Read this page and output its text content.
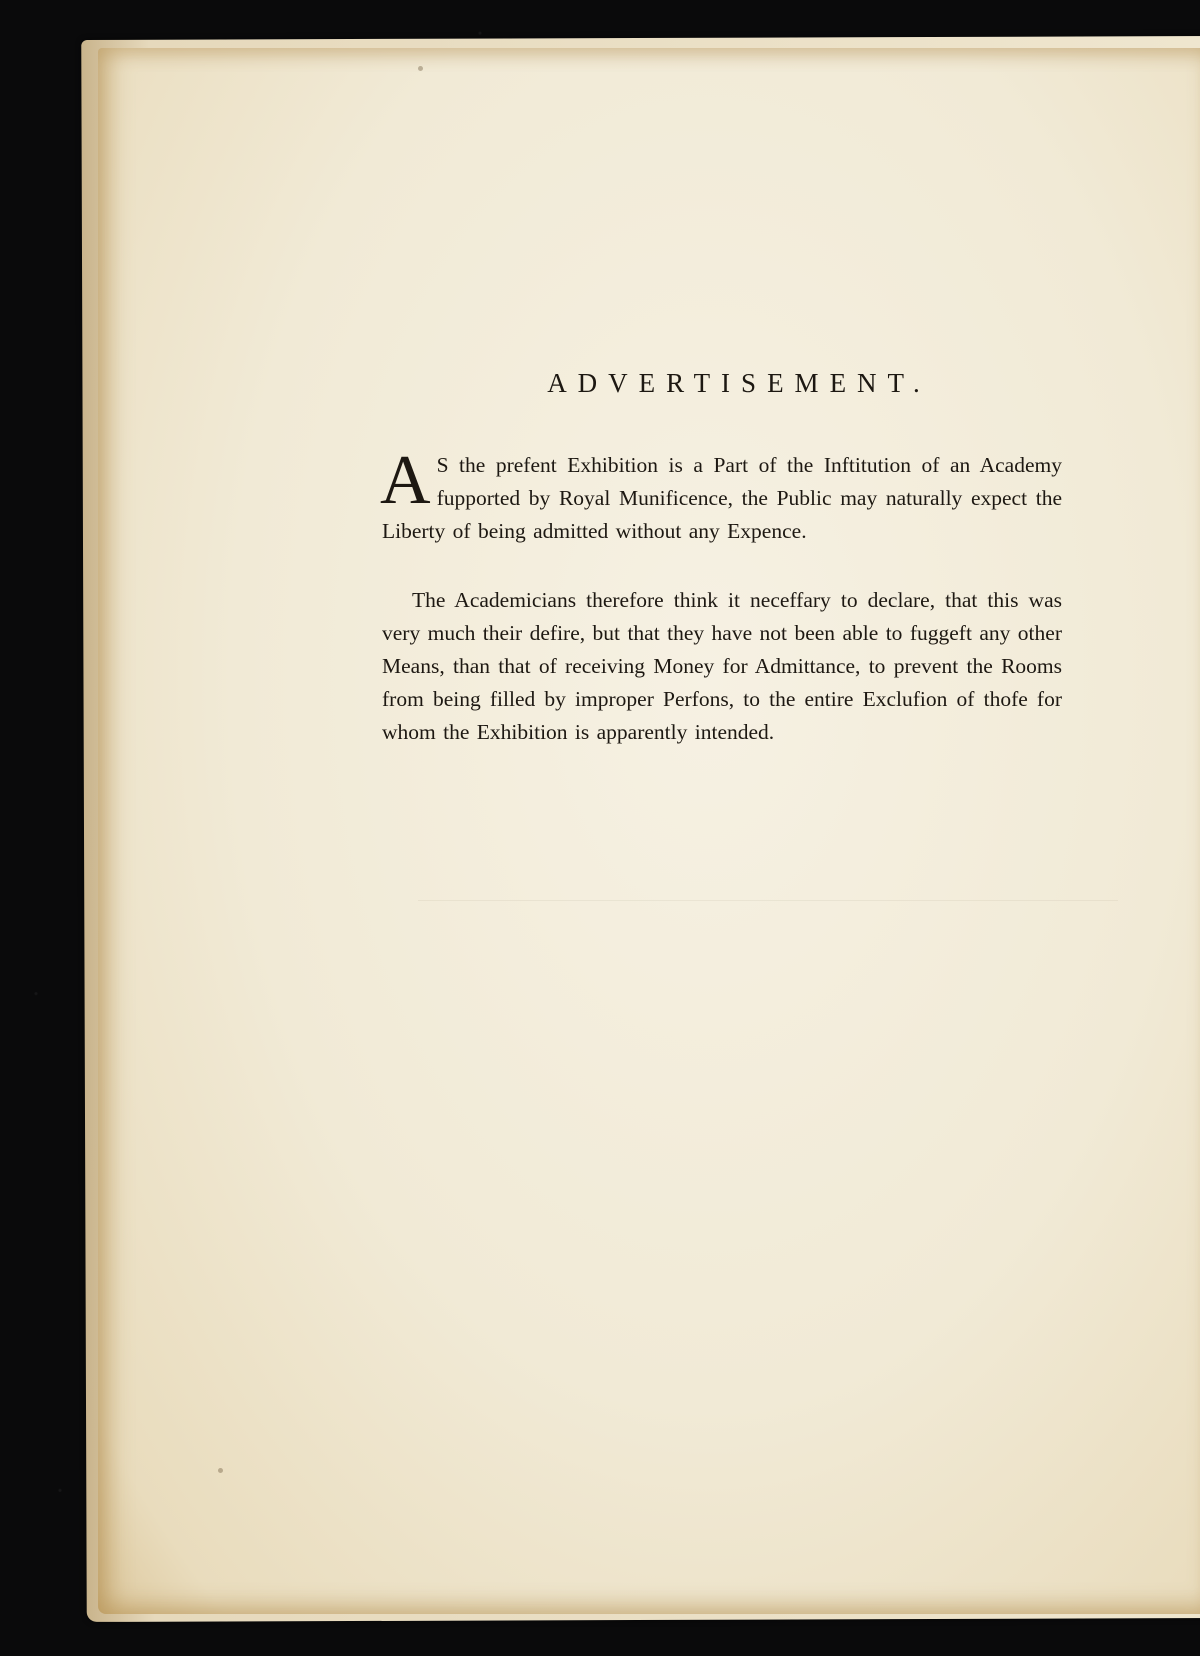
ADVERTISEMENT.

A S the prefent Exhibition is a Part of the Inftitution of an Academy fupported by Royal Munificence, the Public may naturally expect the Liberty of being admitted without any Expence.

The Academicians therefore think it neceffary to declare, that this was very much their defire, but that they have not been able to fuggeft any other Means, than that of receiving Money for Admittance, to prevent the Rooms from being filled by improper Perfons, to the entire Exclufion of thofe for whom the Exhibition is apparently intended.
